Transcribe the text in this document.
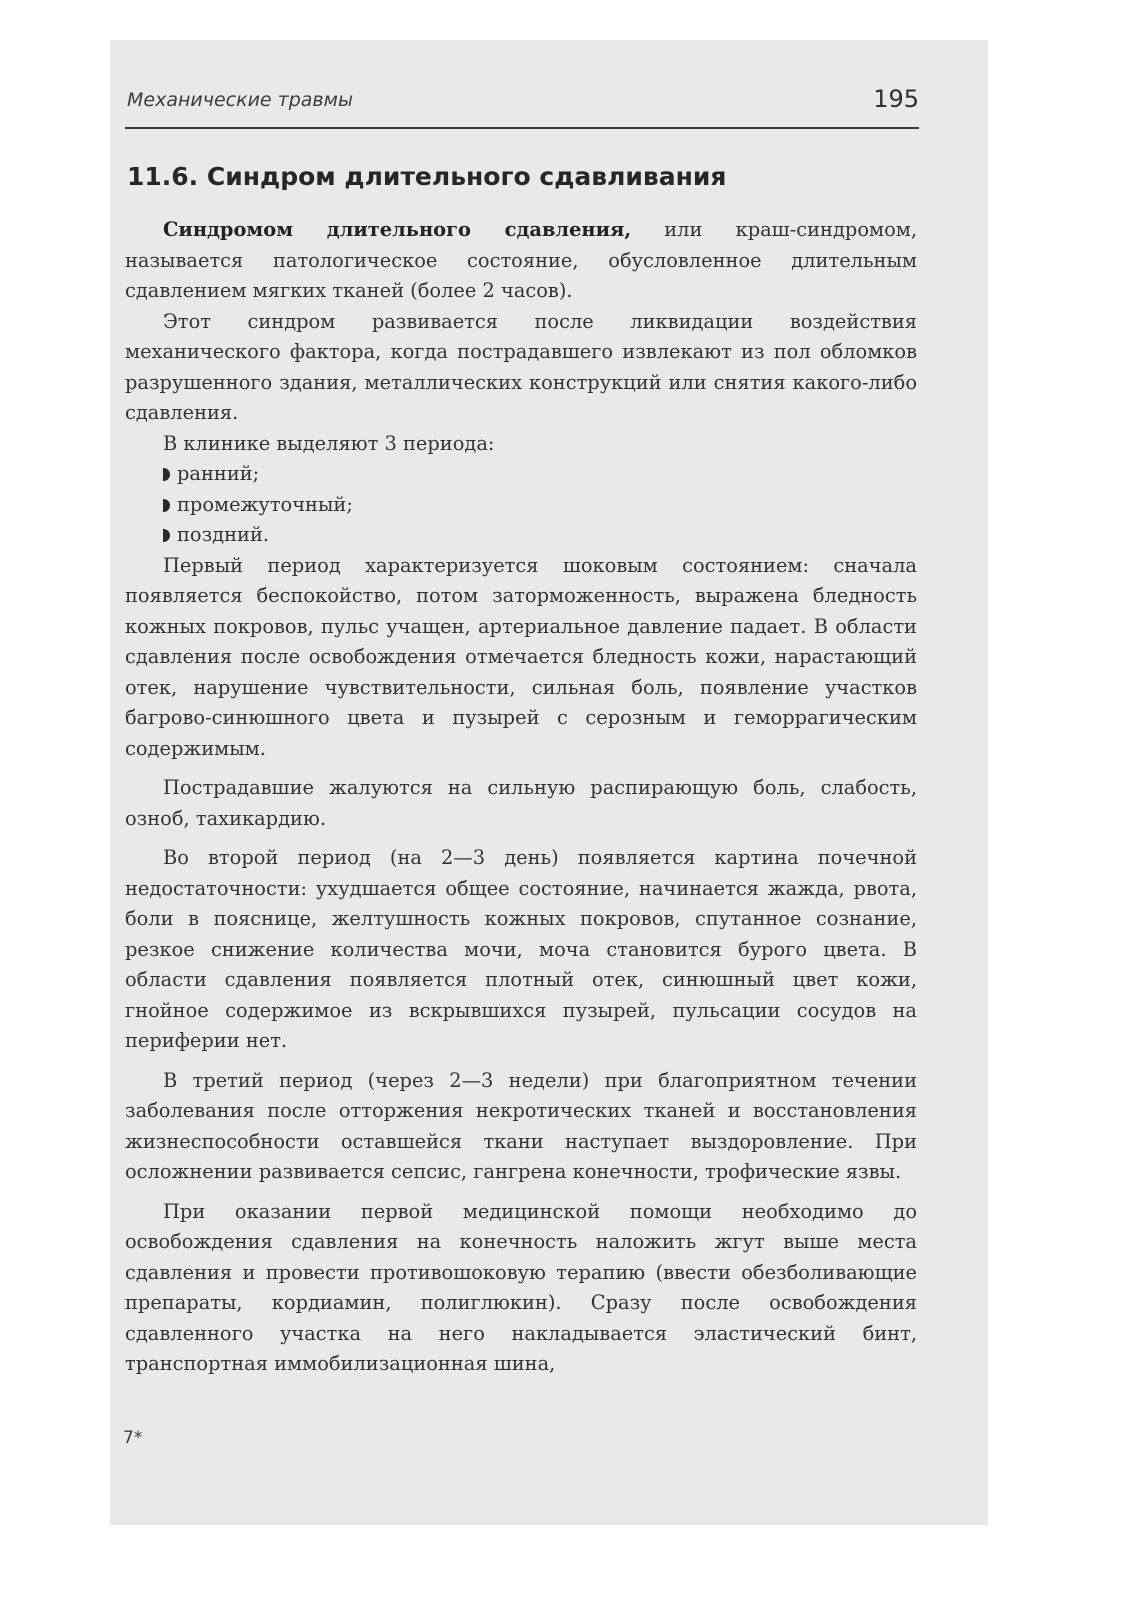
Механические травмы	195
11.6. Синдром длительного сдавливания

Синдромом длительного сдавления, или краш-синдромом, называется патологическое состояние, обусловленное длительным сдавлением мягких тканей (более 2 часов).

Этот синдром развивается после ликвидации воздействия механического фактора, когда пострадавшего извлекают из пол обломков разрушенного здания, металлических конструкций или снятия какого-либо сдавления.

В клинике выделяют 3 периода:

ранний;
промежуточный;
поздний.

Первый период характеризуется шоковым состоянием: сначала появляется беспокойство, потом заторможенность, выражена бледность кожных покровов, пульс учащен, артериальное давление падает. В области сдавления после освобождения отмечается бледность кожи, нарастающий отек, нарушение чувствительности, сильная боль, появление участков багрово-синюшного цвета и пузырей с серозным и геморрагическим содержимым.

Пострадавшие жалуются на сильную распирающую боль, слабость, озноб, тахикардию.

Во второй период (на 2—3 день) появляется картина почечной недостаточности: ухудшается общее состояние, начинается жажда, рвота, боли в пояснице, желтушность кожных покровов, спутанное сознание, резкое снижение количества мочи, моча становится бурого цвета. В области сдавления появляется плотный отек, синюшный цвет кожи, гнойное содержимое из вскрывшихся пузырей, пульсации сосудов на периферии нет.

В третий период (через 2—3 недели) при благоприятном течении заболевания после отторжения некротических тканей и восстановления жизнеспособности оставшейся ткани наступает выздоровление. При осложнении развивается сепсис, гангрена конечности, трофические язвы.

При оказании первой медицинской помощи необходимо до освобождения сдавления на конечность наложить жгут выше места сдавления и провести противошоковую терапию (ввести обезболивающие препараты, кордиамин, полиглюкин). Сразу после освобождения сдавленного участка на него накладывается эластический бинт, транспортная иммобилизационная шина,

7*
